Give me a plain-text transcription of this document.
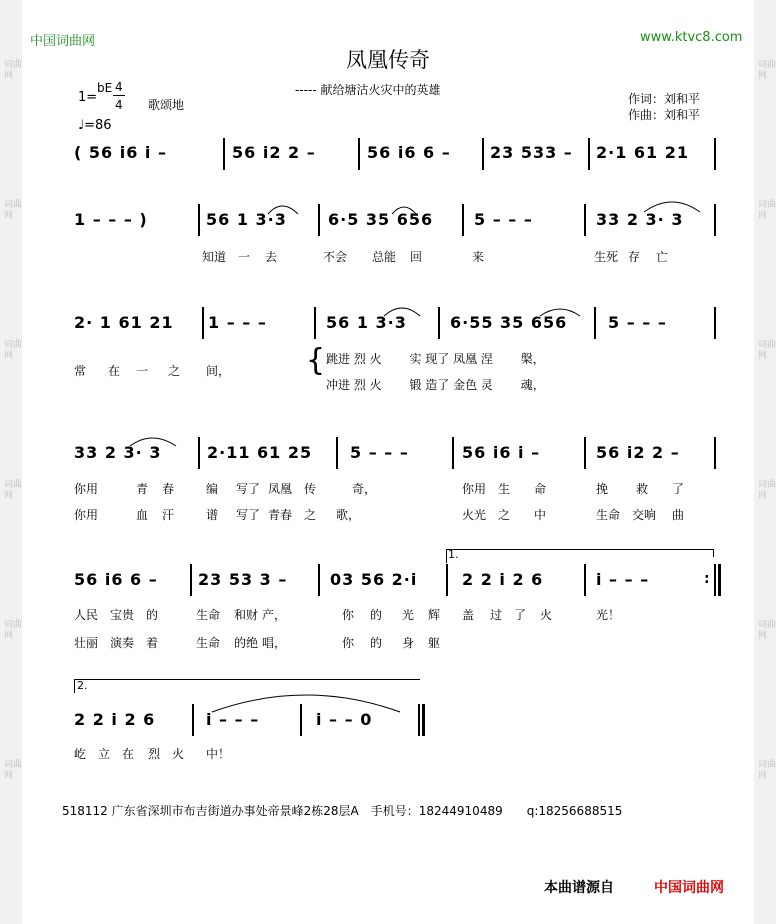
词曲网
词曲网
词曲网
词曲网
词曲网
词曲网
词曲网
词曲网
词曲网
词曲网
词曲网
词曲网
中国词曲网	www.ktvc8.com
凤凰传奇
----- 献给塘沽火灾中的英雄
1=
bE 4
4
♩=86
歌颂地	作词：刘和平
作曲：刘和平
( 56 i6 i –	56 i2 2 –	56 i6 6 – 23 533 – 2·1 61 21
1 – – – )	56 1 3·3	6·5 35 656	5 – – –	33 2 3· 3
知道 一 去	不会 总能 回	来	生死 存 亡
2· 1 61 21 1 – – –	56 1 3·3	6·55 35 656	5 – – –
常 在 一 之 间，	{ 跳进 烈 火　　 实 现了 凤凰 涅　　 槃，
冲进 烈 火　　 锻 造了 金色 灵　　 魂，
33 2 3· 3	2·11 61 25 5 – – –	56 i6 i –	56 i2 2 –
你用	青 春	编 写了 凤凰 传	奇，	你用 生 命	挽 救 了
你用	血 汗	谱 写了 青春 之 歌，	火光 之 中	生命 交响 曲
1.
56 i6 6 –	23 53 3 –	03 56 2·i	2 2 i 2 6	i – – –	:
人民 宝贵 的	生命 和财 产，	你 的 光 辉 盖 过 了 火	光！
壮丽 演奏 着	生命 的绝 唱，	你 的 身 躯
2.
2 2 i 2 6	i – – –	i – – 0
屹 立 在 烈 火 中！
518112 广东省深圳市布吉街道办事处帝景峰2栋28层A　手机号：18244910489　　q:18256688515
本曲谱源自	中国词曲网
